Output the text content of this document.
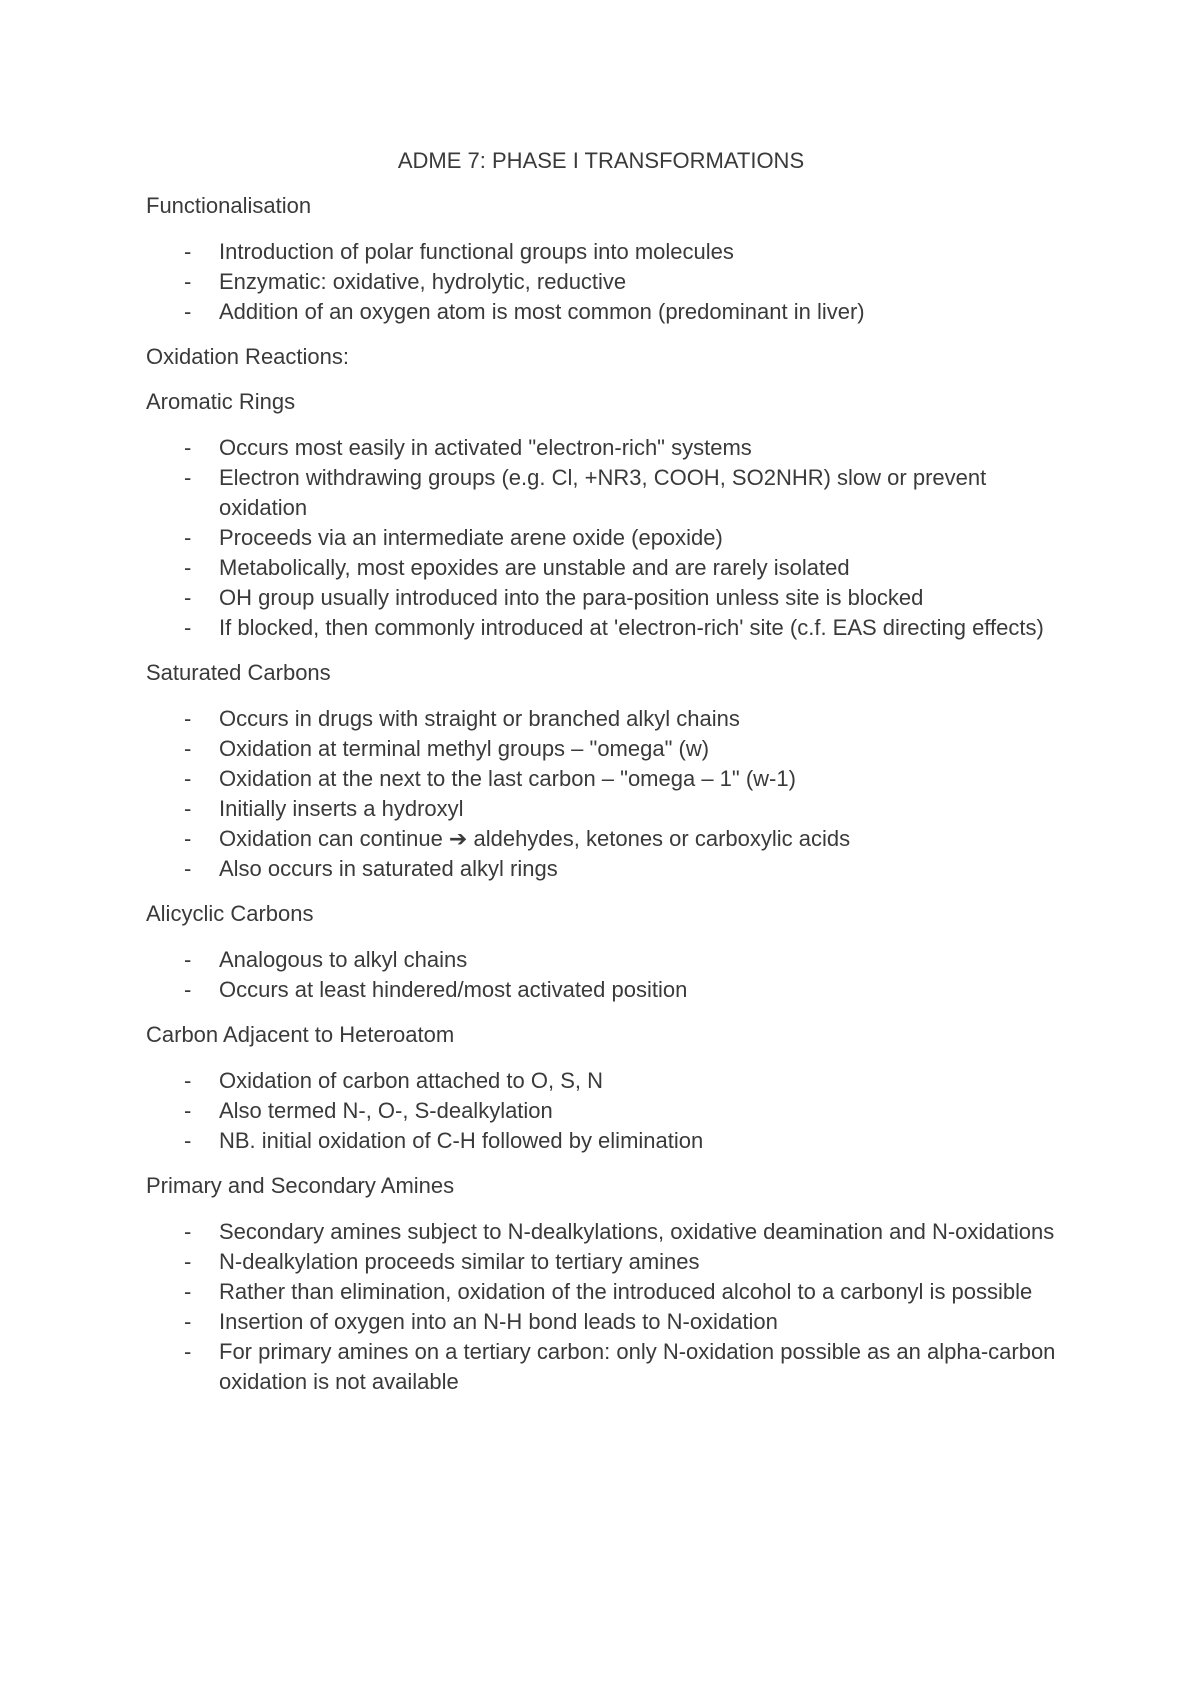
ADME 7: PHASE I TRANSFORMATIONS
Functionalisation
- Introduction of polar functional groups into molecules
- Enzymatic: oxidative, hydrolytic, reductive
- Addition of an oxygen atom is most common (predominant in liver)
Oxidation Reactions:
Aromatic Rings
- Occurs most easily in activated "electron-rich" systems
- Electron withdrawing groups (e.g. Cl, +NR3, COOH, SO2NHR) slow or prevent oxidation
- Proceeds via an intermediate arene oxide (epoxide)
- Metabolically, most epoxides are unstable and are rarely isolated
- OH group usually introduced into the para-position unless site is blocked
- If blocked, then commonly introduced at 'electron-rich' site (c.f. EAS directing effects)
Saturated Carbons
- Occurs in drugs with straight or branched alkyl chains
- Oxidation at terminal methyl groups – "omega" (w)
- Oxidation at the next to the last carbon – "omega – 1" (w-1)
- Initially inserts a hydroxyl
- Oxidation can continue ➔ aldehydes, ketones or carboxylic acids
- Also occurs in saturated alkyl rings
Alicyclic Carbons
- Analogous to alkyl chains
- Occurs at least hindered/most activated position
Carbon Adjacent to Heteroatom
- Oxidation of carbon attached to O, S, N
- Also termed N-, O-, S-dealkylation
- NB. initial oxidation of C-H followed by elimination
Primary and Secondary Amines
- Secondary amines subject to N-dealkylations, oxidative deamination and N-oxidations
- N-dealkylation proceeds similar to tertiary amines
- Rather than elimination, oxidation of the introduced alcohol to a carbonyl is possible
- Insertion of oxygen into an N-H bond leads to N-oxidation
- For primary amines on a tertiary carbon: only N-oxidation possible as an alpha-carbon oxidation is not available
